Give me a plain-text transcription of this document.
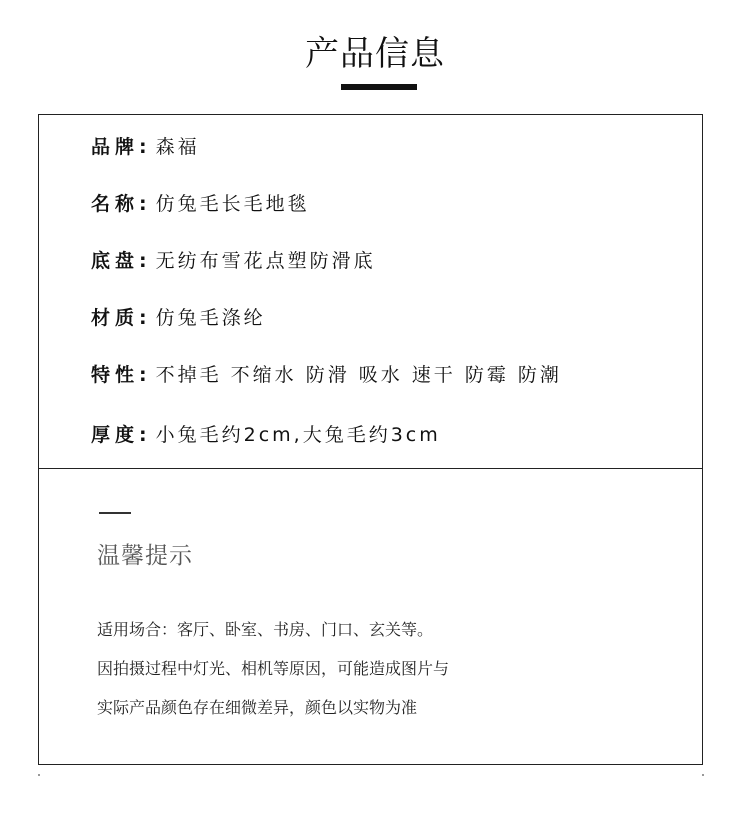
产品信息
品牌: 森福
名称: 仿兔毛长毛地毯
底盘: 无纺布雪花点塑防滑底
材质: 仿兔毛涤纶
特性: 不掉毛 不缩水 防滑 吸水 速干 防霉 防潮
厚度: 小兔毛约2cm,大兔毛约3cm
温馨提示
适用场合：客厅、卧室、书房、门口、玄关等。
因拍摄过程中灯光、相机等原因，可能造成图片与
实际产品颜色存在细微差异，颜色以实物为准
